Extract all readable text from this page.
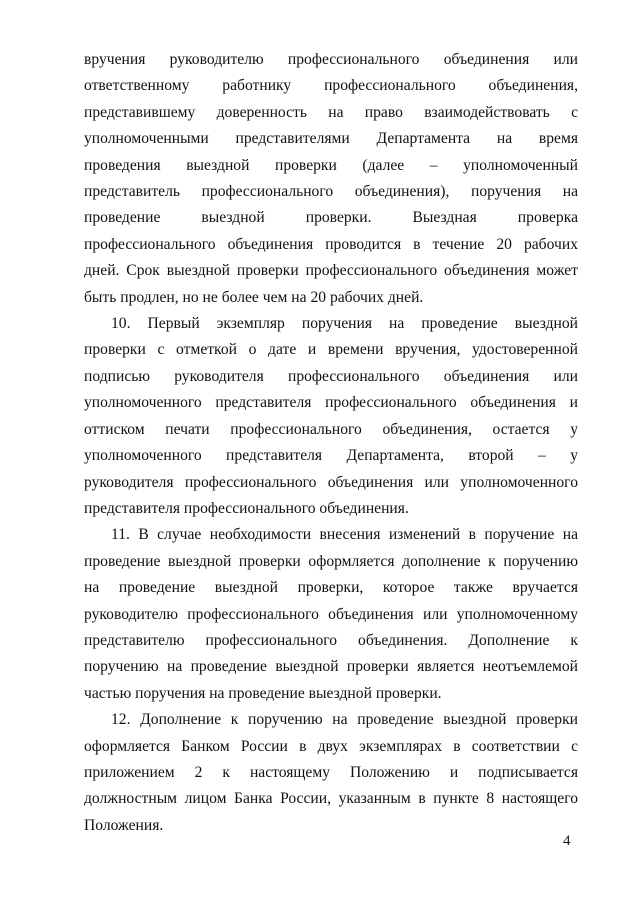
вручения руководителю профессионального объединения или
ответственному работнику профессионального объединения,
представившему доверенность на право взаимодействовать с
уполномоченными представителями Департамента на время
проведения выездной проверки (далее – уполномоченный
представитель профессионального объединения), поручения на
проведение выездной проверки. Выездная проверка
профессионального объединения проводится в течение 20 рабочих
дней. Срок выездной проверки профессионального объединения может
быть продлен, но не более чем на 20 рабочих дней.

10. Первый экземпляр поручения на проведение выездной
проверки с отметкой о дате и времени вручения, удостоверенной
подписью руководителя профессионального объединения или
уполномоченного представителя профессионального объединения и
оттиском печати профессионального объединения, остается у
уполномоченного представителя Департамента, второй – у
руководителя профессионального объединения или уполномоченного
представителя профессионального объединения.

11. В случае необходимости внесения изменений в поручение на
проведение выездной проверки оформляется дополнение к поручению
на проведение выездной проверки, которое также вручается
руководителю профессионального объединения или уполномоченному
представителю профессионального объединения. Дополнение к
поручению на проведение выездной проверки является неотъемлемой
частью поручения на проведение выездной проверки.

12. Дополнение к поручению на проведение выездной проверки
оформляется Банком России в двух экземплярах в соответствии с
приложением 2 к настоящему Положению и подписывается
должностным лицом Банка России, указанным в пункте 8 настоящего
Положения.

4
